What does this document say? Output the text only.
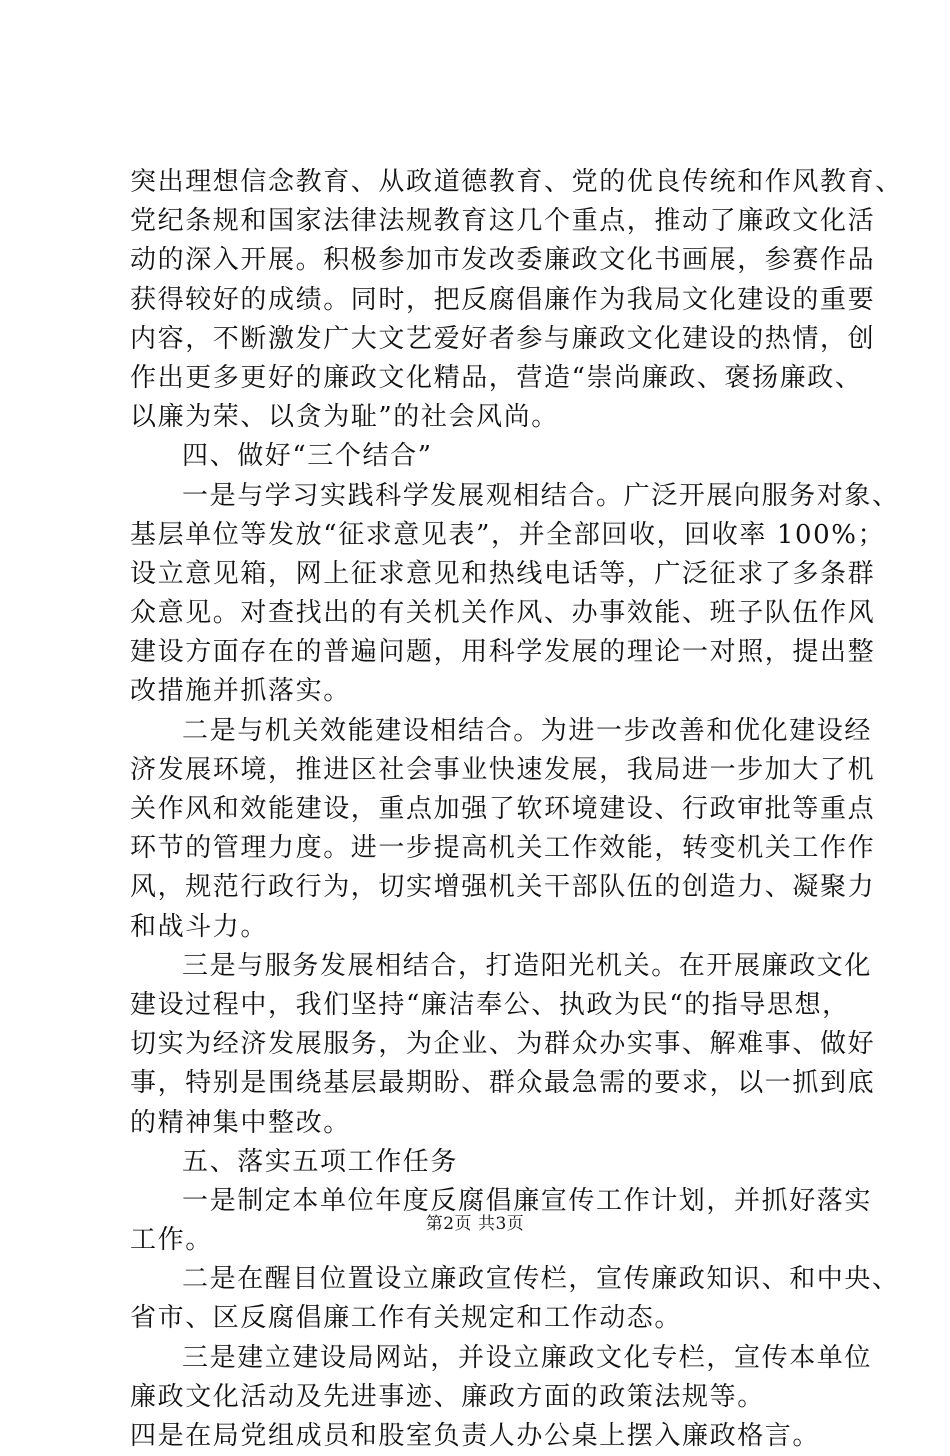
突出理想信念教育、从政道德教育、党的优良传统和作风教育、
党纪条规和国家法律法规教育这几个重点，推动了廉政文化活
动的深入开展。积极参加市发改委廉政文化书画展，参赛作品
获得较好的成绩。同时，把反腐倡廉作为我局文化建设的重要
内容，不断激发广大文艺爱好者参与廉政文化建设的热情，创
作出更多更好的廉政文化精品，营造“崇尚廉政、褒扬廉政、
以廉为荣、以贪为耻”的社会风尚。
四、做好“三个结合”
一是与学习实践科学发展观相结合。广泛开展向服务对象、
基层单位等发放“征求意见表”，并全部回收，回收率 100%；
设立意见箱，网上征求意见和热线电话等，广泛征求了多条群
众意见。对查找出的有关机关作风、办事效能、班子队伍作风
建设方面存在的普遍问题，用科学发展的理论一对照，提出整
改措施并抓落实。
二是与机关效能建设相结合。为进一步改善和优化建设经
济发展环境，推进区社会事业快速发展，我局进一步加大了机
关作风和效能建设，重点加强了软环境建设、行政审批等重点
环节的管理力度。进一步提高机关工作效能，转变机关工作作
风，规范行政行为，切实增强机关干部队伍的创造力、凝聚力
和战斗力。
三是与服务发展相结合，打造阳光机关。在开展廉政文化
建设过程中，我们坚持“廉洁奉公、执政为民“的指导思想，
切实为经济发展服务，为企业、为群众办实事、解难事、做好
事，特别是围绕基层最期盼、群众最急需的要求，以一抓到底
的精神集中整改。
五、落实五项工作任务
一是制定本单位年度反腐倡廉宣传工作计划，并抓好落实
工作。
二是在醒目位置设立廉政宣传栏，宣传廉政知识、和中央、
省市、区反腐倡廉工作有关规定和工作动态。
三是建立建设局网站，并设立廉政文化专栏，宣传本单位
廉政文化活动及先进事迹、廉政方面的政策法规等。
四是在局党组成员和股室负责人办公桌上摆入廉政格言。
第2页 共3页
